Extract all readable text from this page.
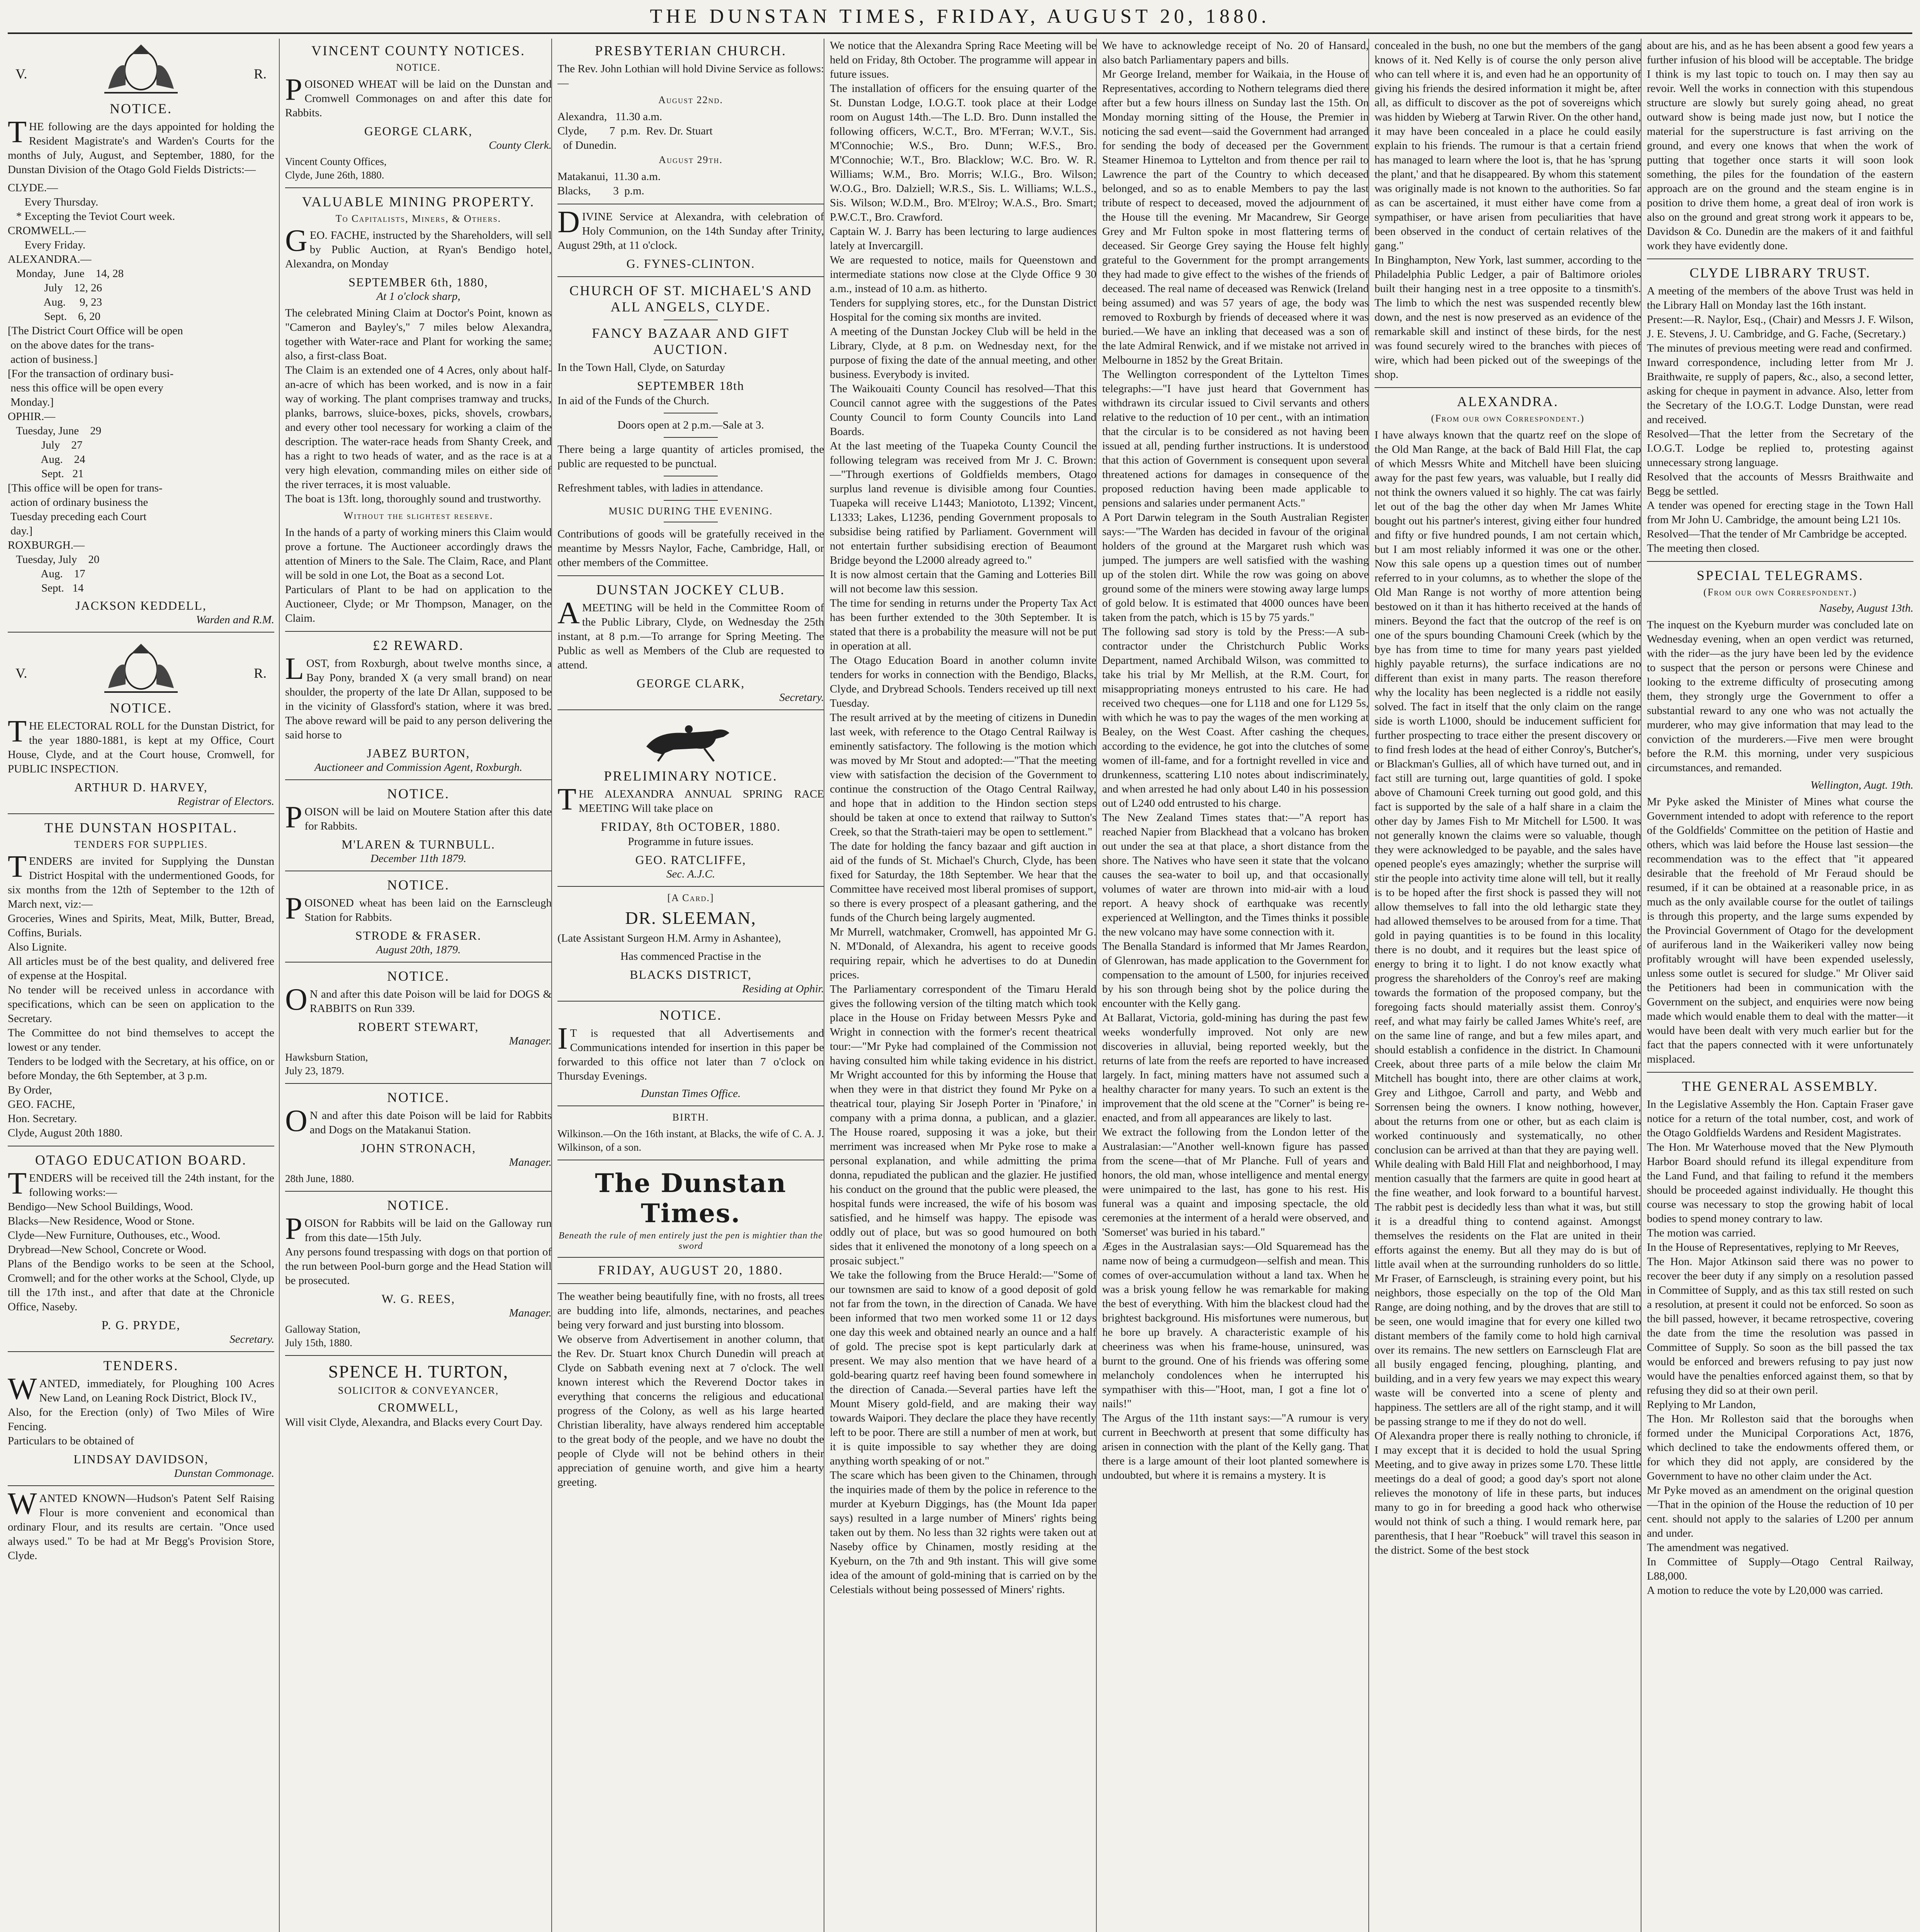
THE DUNSTAN TIMES, FRIDAY, AUGUST 20, 1880.
V.	R.
NOTICE.
THE following are the days appointed for holding the Resident Magistrate's and Warden's Courts for the months of July, August, and September, 1880, for the Dunstan Division of the Otago Gold Fields Districts:—
CLYDE.—
Every Thursday.
* Excepting the Teviot Court week.
CROMWELL.—
Every Friday.
ALEXANDRA.—
Monday,   June    14, 28
July    12, 26
Aug.     9, 23
Sept.    6, 20
[The District Court Office will be open
on the above dates for the trans-
action of business.]
[For the transaction of ordinary busi-
ness this office will be open every
Monday.]
OPHIR.—
Tuesday, June    29
July    27
Aug.    24
Sept.   21
[This office will be open for trans-
action of ordinary business the
Tuesday preceding each Court
day.]
ROXBURGH.—
Tuesday, July    20
Aug.    17
Sept.   14
JACKSON KEDDELL,
Warden and R.M.
V.	R.
NOTICE.
THE ELECTORAL ROLL for the Dunstan District, for the year 1880-1881, is kept at my Office, Court House, Clyde, and at the Court house, Cromwell, for PUBLIC INSPECTION.
ARTHUR D. HARVEY,
Registrar of Electors.
THE DUNSTAN HOSPITAL.
TENDERS FOR SUPPLIES.
TENDERS are invited for Supplying the Dunstan District Hospital with the undermentioned Goods, for six months from the 12th of September to the 12th of March next, viz:—
Groceries, Wines and Spirits, Meat, Milk, Butter, Bread, Coffins, Burials.
Also Lignite.
All articles must be of the best quality, and delivered free of expense at the Hospital.
No tender will be received unless in accordance with specifications, which can be seen on application to the Secretary.
The Committee do not bind themselves to accept the lowest or any tender.
Tenders to be lodged with the Secretary, at his office, on or before Monday, the 6th September, at 3 p.m.
By Order,
GEO. FACHE,
Hon. Secretary.
Clyde, August 20th 1880.
OTAGO EDUCATION BOARD.
TENDERS will be received till the 24th instant, for the following works:—
Bendigo—New School Buildings, Wood.
Blacks—New Residence, Wood or Stone.
Clyde—New Furniture, Outhouses, etc., Wood.
Drybread—New School, Concrete or Wood.
Plans of the Bendigo works to be seen at the School, Cromwell; and for the other works at the School, Clyde, up till the 17th inst., and after that date at the Chronicle Office, Naseby.
P. G. PRYDE,
Secretary.
TENDERS.
WANTED, immediately, for Ploughing 100 Acres New Land, on Leaning Rock District, Block IV.,
Also, for the Erection (only) of Two Miles of Wire Fencing.
Particulars to be obtained of
LINDSAY DAVIDSON,
Dunstan Commonage.
WANTED KNOWN—Hudson's Patent Self Raising Flour is more convenient and economical than ordinary Flour, and its results are certain. "Once used always used." To be had at Mr Begg's Provision Store, Clyde.
VINCENT COUNTY NOTICES.
NOTICE.
POISONED WHEAT will be laid on the Dunstan and Cromwell Commonages on and after this date for Rabbits.
GEORGE CLARK,
County Clerk.
Vincent County Offices,
Clyde, June 26th, 1880.
VALUABLE MINING PROPERTY.
To Capitalists, Miners, & Others.
GEO. FACHE, instructed by the Shareholders, will sell by Public Auction, at Ryan's Bendigo hotel, Alexandra, on Monday
SEPTEMBER 6th, 1880,
At 1 o'clock sharp,
The celebrated Mining Claim at Doctor's Point, known as "Cameron and Bayley's," 7 miles below Alexandra, together with Water-race and Plant for working the same; also, a first-class Boat.
The Claim is an extended one of 4 Acres, only about half-an-acre of which has been worked, and is now in a fair way of working. The plant comprises tramway and trucks, planks, barrows, sluice-boxes, picks, shovels, crowbars, and every other tool necessary for working a claim of the description. The water-race heads from Shanty Creek, and has a right to two heads of water, and as the race is at a very high elevation, commanding miles on either side of the river terraces, it is most valuable.
The boat is 13ft. long, thoroughly sound and trustworthy.
Without the slightest reserve.
In the hands of a party of working miners this Claim would prove a fortune. The Auctioneer accordingly draws the attention of Miners to the Sale. The Claim, Race, and Plant will be sold in one Lot, the Boat as a second Lot.
Particulars of Plant to be had on application to the Auctioneer, Clyde; or Mr Thompson, Manager, on the Claim.
£2 REWARD.
LOST, from Roxburgh, about twelve months since, a Bay Pony, branded X (a very small brand) on near shoulder, the property of the late Dr Allan, supposed to be in the vicinity of Glassford's station, where it was bred. The above reward will be paid to any person delivering the said horse to
JABEZ BURTON,
Auctioneer and Commission Agent, Roxburgh.
NOTICE.
POISON will be laid on Moutere Station after this date for Rabbits.
M'LAREN & TURNBULL.
December 11th 1879.
NOTICE.
POISONED wheat has been laid on the Earnscleugh Station for Rabbits.
STRODE & FRASER.
August 20th, 1879.
NOTICE.
ON and after this date Poison will be laid for DOGS & RABBITS on Run 339.
ROBERT STEWART,
Manager.
Hawksburn Station,
July 23, 1879.
NOTICE.
ON and after this date Poison will be laid for Rabbits and Dogs on the Matakanui Station.
JOHN STRONACH,
Manager.
28th June, 1880.
NOTICE.
POISON for Rabbits will be laid on the Galloway run from this date—15th July.
Any persons found trespassing with dogs on that portion of the run between Pool-burn gorge and the Head Station will be prosecuted.
W. G. REES,
Manager.
Galloway Station,
July 15th, 1880.
SPENCE H. TURTON,
SOLICITOR & CONVEYANCER,
CROMWELL,
Will visit Clyde, Alexandra, and Blacks every Court Day.
PRESBYTERIAN CHURCH.
The Rev. John Lothian will hold Divine Service as follows:—
August 22nd.
Alexandra,   11.30 a.m.
Clyde,        7  p.m.  Rev. Dr. Stuart
of Dunedin.
August 29th.
Matakanui,  11.30 a.m.
Blacks,        3  p.m.
DIVINE Service at Alexandra, with celebration of Holy Communion, on the 14th Sunday after Trinity, August 29th, at 11 o'clock.
G. FYNES-CLINTON.
CHURCH OF ST. MICHAEL'S AND ALL ANGELS, CLYDE.
FANCY BAZAAR AND GIFT AUCTION.
In the Town Hall, Clyde, on Saturday
SEPTEMBER 18th
In aid of the Funds of the Church.
Doors open at 2 p.m.—Sale at 3.
There being a large quantity of articles promised, the public are requested to be punctual.
Refreshment tables, with ladies in attendance.
MUSIC DURING THE EVENING.
Contributions of goods will be gratefully received in the meantime by Messrs Naylor, Fache, Cambridge, Hall, or other members of the Committee.
DUNSTAN JOCKEY CLUB.
AMEETING will be held in the Committee Room of the Public Library, Clyde, on Wednesday the 25th instant, at 8 p.m.—To arrange for Spring Meeting. The Public as well as Members of the Club are requested to attend.
GEORGE CLARK,
Secretary.
PRELIMINARY NOTICE.
THE ALEXANDRA ANNUAL SPRING RACE MEETING Will take place on
FRIDAY, 8th OCTOBER, 1880.
Programme in future issues.
GEO. RATCLIFFE,
Sec. A.J.C.
[A Card.]
DR. SLEEMAN,
(Late Assistant Surgeon H.M. Army in Ashantee),
Has commenced Practise in the
BLACKS DISTRICT,
Residing at Ophir.
NOTICE.
IT is requested that all Advertisements and Communications intended for insertion in this paper be forwarded to this office not later than 7 o'clock on Thursday Evenings.
Dunstan Times Office.
BIRTH.
Wilkinson.—On the 16th instant, at Blacks, the wife of C. A. J. Wilkinson, of a son.
The Dunstan Times.
Beneath the rule of men entirely just the pen is mightier than the sword
FRIDAY, AUGUST 20, 1880.
The weather being beautifully fine, with no frosts, all trees are budding into life, almonds, nectarines, and peaches being very forward and just bursting into blossom.
We observe from Advertisement in another column, that the Rev. Dr. Stuart knox Church Dunedin will preach at Clyde on Sabbath evening next at 7 o'clock. The well known interest which the Reverend Doctor takes in everything that concerns the religious and educational progress of the Colony, as well as his large hearted Christian liberality, have always rendered him acceptable to the great body of the people, and we have no doubt the people of Clyde will not be behind others in their appreciation of genuine worth, and give him a hearty greeting.
We notice that the Alexandra Spring Race Meeting will be held on Friday, 8th October. The programme will appear in future issues.
The installation of officers for the ensuing quarter of the St. Dunstan Lodge, I.O.G.T. took place at their Lodge room on August 14th.—The L.D. Bro. Dunn installed the following officers, W.C.T., Bro. M'Ferran; W.V.T., Sis. M'Connochie; W.S., Bro. Dunn; W.F.S., Bro. M'Connochie; W.T., Bro. Blacklow; W.C. Bro. W. R. Williams; W.M., Bro. Morris; W.I.G., Bro. Wilson; W.O.G., Bro. Dalziell; W.R.S., Sis. L. Williams; W.L.S., Sis. Wilson; W.D.M., Bro. M'Elroy; W.A.S., Bro. Smart; P.W.C.T., Bro. Crawford.
Captain W. J. Barry has been lecturing to large audiences lately at Invercargill.
We are requested to notice, mails for Queenstown and intermediate stations now close at the Clyde Office 9 30 a.m., instead of 10 a.m. as hitherto.
Tenders for supplying stores, etc., for the Dunstan District Hospital for the coming six months are invited.
A meeting of the Dunstan Jockey Club will be held in the Library, Clyde, at 8 p.m. on Wednesday next, for the purpose of fixing the date of the annual meeting, and other business. Everybody is invited.
The Waikouaiti County Council has resolved—That this Council cannot agree with the suggestions of the Pates County Council to form County Councils into Land Boards.
At the last meeting of the Tuapeka County Council the following telegram was received from Mr J. C. Brown:—"Through exertions of Goldfields members, Otago surplus land revenue is divisible among four Counties. Tuapeka will receive L1443; Maniototo, L1392; Vincent, L1333; Lakes, L1236, pending Government proposals to subsidise being ratified by Parliament. Government will not entertain further subsidising erection of Beaumont Bridge beyond the L2000 already agreed to."
It is now almost certain that the Gaming and Lotteries Bill will not become law this session.
The time for sending in returns under the Property Tax Act has been further extended to the 30th September. It is stated that there is a probability the measure will not be put in operation at all.
The Otago Education Board in another column invite tenders for works in connection with the Bendigo, Blacks, Clyde, and Drybread Schools. Tenders received up till next Tuesday.
The result arrived at by the meeting of citizens in Dunedin last week, with reference to the Otago Central Railway is eminently satisfactory. The following is the motion which was moved by Mr Stout and adopted:—"That the meeting view with satisfaction the decision of the Government to continue the construction of the Otago Central Railway, and hope that in addition to the Hindon section steps should be taken at once to extend that railway to Sutton's Creek, so that the Strath-taieri may be open to settlement."
The date for holding the fancy bazaar and gift auction in aid of the funds of St. Michael's Church, Clyde, has been fixed for Saturday, the 18th September. We hear that the Committee have received most liberal promises of support, so there is every prospect of a pleasant gathering, and the funds of the Church being largely augmented.
Mr Murrell, watchmaker, Cromwell, has appointed Mr G. N. M'Donald, of Alexandra, his agent to receive goods requiring repair, which he advertises to do at Dunedin prices.
The Parliamentary correspondent of the Timaru Herald gives the following version of the tilting match which took place in the House on Friday between Messrs Pyke and Wright in connection with the former's recent theatrical tour:—"Mr Pyke had complained of the Commission not having consulted him while taking evidence in his district. Mr Wright accounted for this by informing the House that when they were in that district they found Mr Pyke on a theatrical tour, playing Sir Joseph Porter in 'Pinafore,' in company with a prima donna, a publican, and a glazier. The House roared, supposing it was a joke, but their merriment was increased when Mr Pyke rose to make a personal explanation, and while admitting the prima donna, repudiated the publican and the glazier. He justified his conduct on the ground that the public were pleased, the hospital funds were increased, the wife of his bosom was satisfied, and he himself was happy. The episode was oddly out of place, but was so good humoured on both sides that it enlivened the monotony of a long speech on a prosaic subject."
We take the following from the Bruce Herald:—"Some of our townsmen are said to know of a good deposit of gold not far from the town, in the direction of Canada. We have been informed that two men worked some 11 or 12 days one day this week and obtained nearly an ounce and a half of gold. The precise spot is kept particularly dark at present. We may also mention that we have heard of a gold-bearing quartz reef having been found somewhere in the direction of Canada.—Several parties have left the Mount Misery gold-field, and are making their way towards Waipori. They declare the place they have recently left to be poor. There are still a number of men at work, but it is quite impossible to say whether they are doing anything worth speaking of or not."
The scare which has been given to the Chinamen, through the inquiries made of them by the police in reference to the murder at Kyeburn Diggings, has (the Mount Ida paper says) resulted in a large number of Miners' rights being taken out by them. No less than 32 rights were taken out at Naseby office by Chinamen, mostly residing at the Kyeburn, on the 7th and 9th instant. This will give some idea of the amount of gold-mining that is carried on by the Celestials without being possessed of Miners' rights.
We have to acknowledge receipt of No. 20 of Hansard, also batch Parliamentary papers and bills.
Mr George Ireland, member for Waikaia, in the House of Representatives, according to Nothern telegrams died there after but a few hours illness on Sunday last the 15th. On Monday morning sitting of the House, the Premier in noticing the sad event—said the Government had arranged for sending the body of deceased per the Government Steamer Hinemoa to Lyttelton and from thence per rail to Lawrence the part of the Country to which deceased belonged, and so as to enable Members to pay the last tribute of respect to deceased, moved the adjournment of the House till the evening. Mr Macandrew, Sir George Grey and Mr Fulton spoke in most flattering terms of deceased. Sir George Grey saying the House felt highly grateful to the Government for the prompt arrangements they had made to give effect to the wishes of the friends of deceased. The real name of deceased was Renwick (Ireland being assumed) and was 57 years of age, the body was removed to Roxburgh by friends of deceased where it was buried.—We have an inkling that deceased was a son of the late Admiral Renwick, and if we mistake not arrived in Melbourne in 1852 by the Great Britain.
The Wellington correspondent of the Lyttelton Times telegraphs:—"I have just heard that Government has withdrawn its circular issued to Civil servants and others relative to the reduction of 10 per cent., with an intimation that the circular is to be considered as not having been issued at all, pending further instructions. It is understood that this action of Government is consequent upon several threatened actions for damages in consequence of the proposed reduction having been made applicable to pensions and salaries under permanent Acts."
A Port Darwin telegram in the South Australian Register says:—"The Warden has decided in favour of the original holders of the ground at the Margaret rush which was jumped. The jumpers are well satisfied with the washing up of the stolen dirt. While the row was going on above ground some of the miners were stowing away large lumps of gold below. It is estimated that 4000 ounces have been taken from the patch, which is 15 by 75 yards."
The following sad story is told by the Press:—A sub-contractor under the Christchurch Public Works Department, named Archibald Wilson, was committed to take his trial by Mr Mellish, at the R.M. Court, for misappropriating moneys entrusted to his care. He had received two cheques—one for L118 and one for L129 5s, with which he was to pay the wages of the men working at Bealey, on the West Coast. After cashing the cheques, according to the evidence, he got into the clutches of some women of ill-fame, and for a fortnight revelled in vice and drunkenness, scattering L10 notes about indiscriminately, and when arrested he had only about L40 in his possession out of L240 odd entrusted to his charge.
The New Zealand Times states that:—"A report has reached Napier from Blackhead that a volcano has broken out under the sea at that place, a short distance from the shore. The Natives who have seen it state that the volcano causes the sea-water to boil up, and that occasionally volumes of water are thrown into mid-air with a loud report. A heavy shock of earthquake was recently experienced at Wellington, and the Times thinks it possible the new volcano may have some connection with it.
The Benalla Standard is informed that Mr James Reardon, of Glenrowan, has made application to the Government for compensation to the amount of L500, for injuries received by his son through being shot by the police during the encounter with the Kelly gang.
At Ballarat, Victoria, gold-mining has during the past few weeks wonderfully improved. Not only are new discoveries in alluvial, being reported weekly, but the returns of late from the reefs are reported to have increased largely. In fact, mining matters have not assumed such a healthy character for many years. To such an extent is the improvement that the old scene at the "Corner" is being re-enacted, and from all appearances are likely to last.
We extract the following from the London letter of the Australasian:—"Another well-known figure has passed from the scene—that of Mr Planche. Full of years and honors, the old man, whose intelligence and mental energy were unimpaired to the last, has gone to his rest. His funeral was a quaint and imposing spectacle, the old ceremonies at the interment of a herald were observed, and 'Somerset' was buried in his tabard."
Æges in the Australasian says:—Old Squaremead has the name now of being a curmudgeon—selfish and mean. This comes of over-accumulation without a land tax. When he was a brisk young fellow he was remarkable for making the best of everything. With him the blackest cloud had the brightest background. His misfortunes were numerous, but he bore up bravely. A characteristic example of his cheeriness was when his frame-house, uninsured, was burnt to the ground. One of his friends was offering some melancholy condolences when he interrupted his sympathiser with this—"Hoot, man, I got a fine lot o' nails!"
The Argus of the 11th instant says:—"A rumour is very current in Beechworth at present that some difficulty has arisen in connection with the plant of the Kelly gang. That there is a large amount of their loot planted somewhere is undoubted, but where it is remains a mystery. It is
concealed in the bush, no one but the members of the gang knows of it. Ned Kelly is of course the only person alive who can tell where it is, and even had he an opportunity of giving his friends the desired information it might be, after all, as difficult to discover as the pot of sovereigns which was hidden by Wieberg at Tarwin River. On the other hand, it may have been concealed in a place he could easily explain to his friends. The rumour is that a certain friend has managed to learn where the loot is, that he has 'sprung the plant,' and that he disappeared. By whom this statement was originally made is not known to the authorities. So far as can be ascertained, it must either have come from a sympathiser, or have arisen from peculiarities that have been observed in the conduct of certain relatives of the gang."
In Binghampton, New York, last summer, according to the Philadelphia Public Ledger, a pair of Baltimore orioles built their hanging nest in a tree opposite to a tinsmith's. The limb to which the nest was suspended recently blew down, and the nest is now preserved as an evidence of the remarkable skill and instinct of these birds, for the nest was found securely wired to the branches with pieces of wire, which had been picked out of the sweepings of the shop.
ALEXANDRA.
(From our own Correspondent.)
I have always known that the quartz reef on the slope of the Old Man Range, at the back of Bald Hill Flat, the cap of which Messrs White and Mitchell have been sluicing away for the past few years, was valuable, but I really did not think the owners valued it so highly. The cat was fairly let out of the bag the other day when Mr James White bought out his partner's interest, giving either four hundred and fifty or five hundred pounds, I am not certain which, but I am most reliably informed it was one or the other. Now this sale opens up a question times out of number referred to in your columns, as to whether the slope of the Old Man Range is not worthy of more attention being bestowed on it than it has hitherto received at the hands of miners. Beyond the fact that the outcrop of the reef is on one of the spurs bounding Chamouni Creek (which by the bye has from time to time for many years past yielded highly payable returns), the surface indications are no different than exist in many parts. The reason therefore why the locality has been neglected is a riddle not easily solved. The fact in itself that the only claim on the range side is worth L1000, should be inducement sufficient for further prospecting to trace either the present discovery or to find fresh lodes at the head of either Conroy's, Butcher's, or Blackman's Gullies, all of which have turned out, and in fact still are turning out, large quantities of gold. I spoke above of Chamouni Creek turning out good gold, and this fact is supported by the sale of a half share in a claim the other day by James Fish to Mr Mitchell for L500. It was not generally known the claims were so valuable, though they were acknowledged to be payable, and the sales have opened people's eyes amazingly; whether the surprise will stir the people into activity time alone will tell, but it really is to be hoped after the first shock is passed they will not allow themselves to fall into the old lethargic state they had allowed themselves to be aroused from for a time. That gold in paying quantities is to be found in this locality there is no doubt, and it requires but the least spice of energy to bring it to light. I do not know exactly what progress the shareholders of the Conroy's reef are making towards the formation of the proposed company, but the foregoing facts should materially assist them. Conroy's reef, and what may fairly be called James White's reef, are on the same line of range, and but a few miles apart, and should establish a confidence in the district. In Chamouni Creek, about three parts of a mile below the claim Mr Mitchell has bought into, there are other claims at work, Grey and Lithgoe, Carroll and party, and Webb and Sorrensen being the owners. I know nothing, however, about the returns from one or other, but as each claim is worked continuously and systematically, no other conclusion can be arrived at than that they are paying well.
While dealing with Bald Hill Flat and neighborhood, I may mention casually that the farmers are quite in good heart at the fine weather, and look forward to a bountiful harvest. The rabbit pest is decidedly less than what it was, but still it is a dreadful thing to contend against. Amongst themselves the residents on the Flat are united in their efforts against the enemy. But all they may do is but of little avail when at the surrounding runholders do so little. Mr Fraser, of Earnscleugh, is straining every point, but his neighbors, those especially on the top of the Old Man Range, are doing nothing, and by the droves that are still to be seen, one would imagine that for every one killed two distant members of the family come to hold high carnival over its remains. The new settlers on Earnscleugh Flat are all busily engaged fencing, ploughing, planting, and building, and in a very few years we may expect this weary waste will be converted into a scene of plenty and happiness. The settlers are all of the right stamp, and it will be passing strange to me if they do not do well.
Of Alexandra proper there is really nothing to chronicle, if I may except that it is decided to hold the usual Spring Meeting, and to give away in prizes some L70. These little meetings do a deal of good; a good day's sport not alone relieves the monotony of life in these parts, but induces many to go in for breeding a good hack who otherwise would not think of such a thing. I would remark here, par parenthesis, that I hear "Roebuck" will travel this season in the district. Some of the best stock
about are his, and as he has been absent a good few years a further infusion of his blood will be acceptable. The bridge I think is my last topic to touch on. I may then say au revoir. Well the works in connection with this stupendous structure are slowly but surely going ahead, no great outward show is being made just now, but I notice the material for the superstructure is fast arriving on the ground, and every one knows that when the work of putting that together once starts it will soon look something, the piles for the foundation of the eastern approach are on the ground and the steam engine is in position to drive them home, a great deal of iron work is also on the ground and great strong work it appears to be, Davidson & Co. Dunedin are the makers of it and faithful work they have evidently done.
CLYDE LIBRARY TRUST.
A meeting of the members of the above Trust was held in the Library Hall on Monday last the 16th instant.
Present:—R. Naylor, Esq., (Chair) and Messrs J. F. Wilson, J. E. Stevens, J. U. Cambridge, and G. Fache, (Secretary.)
The minutes of previous meeting were read and confirmed.
Inward correspondence, including letter from Mr J. Braithwaite, re supply of papers, &c., also, a second letter, asking for cheque in payment in advance. Also, letter from the Secretary of the I.O.G.T. Lodge Dunstan, were read and received.
Resolved—That the letter from the Secretary of the I.O.G.T. Lodge be replied to, protesting against unnecessary strong language.
Resolved that the accounts of Messrs Braithwaite and Begg be settled.
A tender was opened for erecting stage in the Town Hall from Mr John U. Cambridge, the amount being L21 10s.
Resolved—That the tender of Mr Cambridge be accepted.
The meeting then closed.
SPECIAL TELEGRAMS.
(From our own Correspondent.)
Naseby, August 13th.
The inquest on the Kyeburn murder was concluded late on Wednesday evening, when an open verdict was returned, with the rider—as the jury have been led by the evidence to suspect that the person or persons were Chinese and looking to the extreme difficulty of prosecuting among them, they strongly urge the Government to offer a substantial reward to any one who was not actually the murderer, who may give information that may lead to the conviction of the murderers.—Five men were brought before the R.M. this morning, under very suspicious circumstances, and remanded.
Wellington, Augt. 19th.
Mr Pyke asked the Minister of Mines what course the Government intended to adopt with reference to the report of the Goldfields' Committee on the petition of Hastie and others, which was laid before the House last session—the recommendation was to the effect that "it appeared desirable that the freehold of Mr Feraud should be resumed, if it can be obtained at a reasonable price, in as much as the only available course for the outlet of tailings is through this property, and the large sums expended by the Provincial Government of Otago for the development of auriferous land in the Waikerikeri valley now being profitably wrought will have been expended uselessly, unless some outlet is secured for sludge." Mr Oliver said the Petitioners had been in communication with the Government on the subject, and enquiries were now being made which would enable them to deal with the matter—it would have been dealt with very much earlier but for the fact that the papers connected with it were unfortunately misplaced.
THE GENERAL ASSEMBLY.
In the Legislative Assembly the Hon. Captain Fraser gave notice for a return of the total number, cost, and work of the Otago Goldfields Wardens and Resident Magistrates.
The Hon. Mr Waterhouse moved that the New Plymouth Harbor Board should refund its illegal expenditure from the Land Fund, and that failing to refund it the members should be proceeded against individually. He thought this course was necessary to stop the growing habit of local bodies to spend money contrary to law.
The motion was carried.
In the House of Representatives, replying to Mr Reeves,
The Hon. Major Atkinson said there was no power to recover the beer duty if any simply on a resolution passed in Committee of Supply, and as this tax still rested on such a resolution, at present it could not be enforced. So soon as the bill passed, however, it became retrospective, covering the date from the time the resolution was passed in Committee of Supply. So soon as the bill passed the tax would be enforced and brewers refusing to pay just now would have the penalties enforced against them, so that by refusing they did so at their own peril.
Replying to Mr Landon,
The Hon. Mr Rolleston said that the boroughs when formed under the Municipal Corporations Act, 1876, which declined to take the endowments offered them, or for which they did not apply, are considered by the Government to have no other claim under the Act.
Mr Pyke moved as an amendment on the original question—That in the opinion of the House the reduction of 10 per cent. should not apply to the salaries of L200 per annum and under.
The amendment was negatived.
In Committee of Supply—Otago Central Railway, L88,000.
A motion to reduce the vote by L20,000 was carried.
